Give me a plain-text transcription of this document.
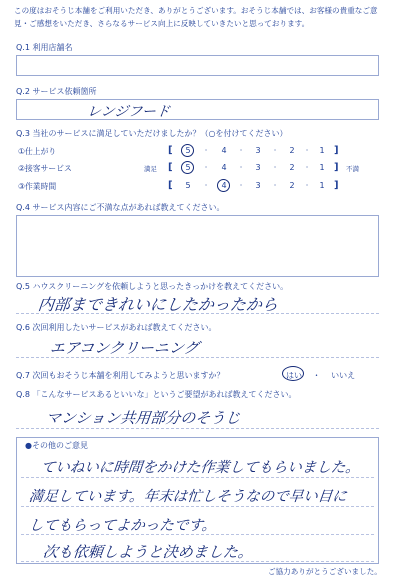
この度はおそうじ本舗をご利用いただき、ありがとうございます。おそうじ本舗では、お客様の貴重なご意見・ご感想をいただき、さらなるサービス向上に反映していきたいと思っております。
Q.1 利用店舗名
Q.2 サービス依頼箇所
レンジフード
Q.3 当社のサービスに満足していただけましたか？（○を付けてください）
満足	不満
①仕上がり	[ 5	·	4	·	3	·	2	·	1 ]
②接客サービス	[ 5	·	4	·	3	·	2	·	1 ]
③作業時間	[ 5	·	4	·	3	·	2	·	1 ]
Q.4 サービス内容にご不満な点があれば教えてください。
Q.5 ハウスクリーニングを依頼しようと思ったきっかけを教えてください。
内部まできれいにしたかったから
Q.6 次回利用したいサービスがあれば教えてください。
エアコンクリーニング
Q.7 次回もおそうじ本舗を利用してみようと思いますか？	はい ・ いいえ
Q.8 「こんなサービスあるといいな」というご要望があれば教えてください。
マンション共用部分のそうじ
●その他のご意見
ていねいに時間をかけた作業してもらいました。
満足しています。年末は忙しそうなので早い目に
してもらってよかったです。
次も依頼しようと決めました。
ご協力ありがとうございました。
